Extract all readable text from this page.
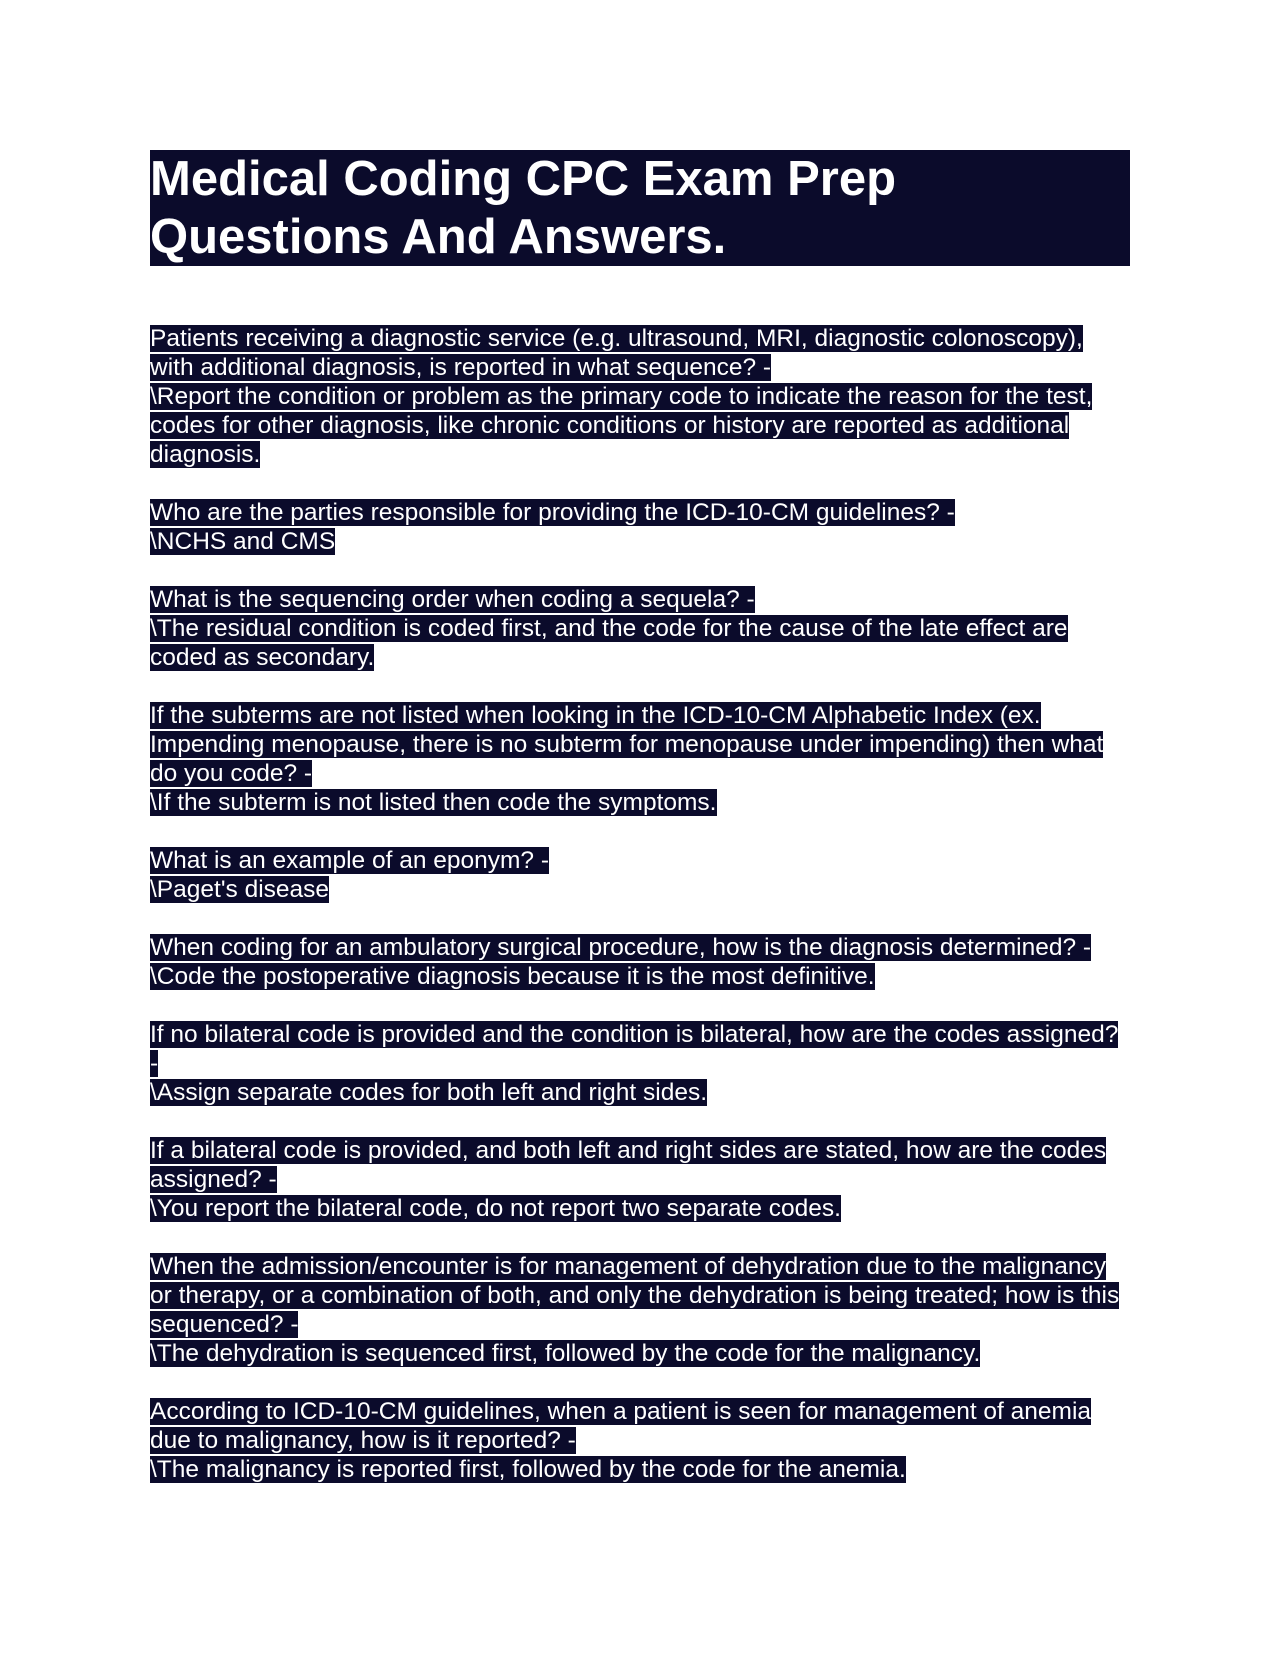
Medical Coding CPC Exam Prep Questions And Answers.
Patients receiving a diagnostic service (e.g. ultrasound, MRI, diagnostic colonoscopy), with additional diagnosis, is reported in what sequence? -
\Report the condition or problem as the primary code to indicate the reason for the test, codes for other diagnosis, like chronic conditions or history are reported as additional diagnosis.
Who are the parties responsible for providing the ICD-10-CM guidelines? -
\NCHS and CMS
What is the sequencing order when coding a sequela? -
\The residual condition is coded first, and the code for the cause of the late effect are coded as secondary.
If the subterms are not listed when looking in the ICD-10-CM Alphabetic Index (ex. Impending menopause, there is no subterm for menopause under impending) then what do you code? -
\If the subterm is not listed then code the symptoms.
What is an example of an eponym? -
\Paget's disease
When coding for an ambulatory surgical procedure, how is the diagnosis determined? -
\Code the postoperative diagnosis because it is the most definitive.
If no bilateral code is provided and the condition is bilateral, how are the codes assigned? -
\Assign separate codes for both left and right sides.
If a bilateral code is provided, and both left and right sides are stated, how are the codes assigned? -
\You report the bilateral code, do not report two separate codes.
When the admission/encounter is for management of dehydration due to the malignancy or therapy, or a combination of both, and only the dehydration is being treated; how is this sequenced? -
\The dehydration is sequenced first, followed by the code for the malignancy.
According to ICD-10-CM guidelines, when a patient is seen for management of anemia due to malignancy, how is it reported? -
\The malignancy is reported first, followed by the code for the anemia.
